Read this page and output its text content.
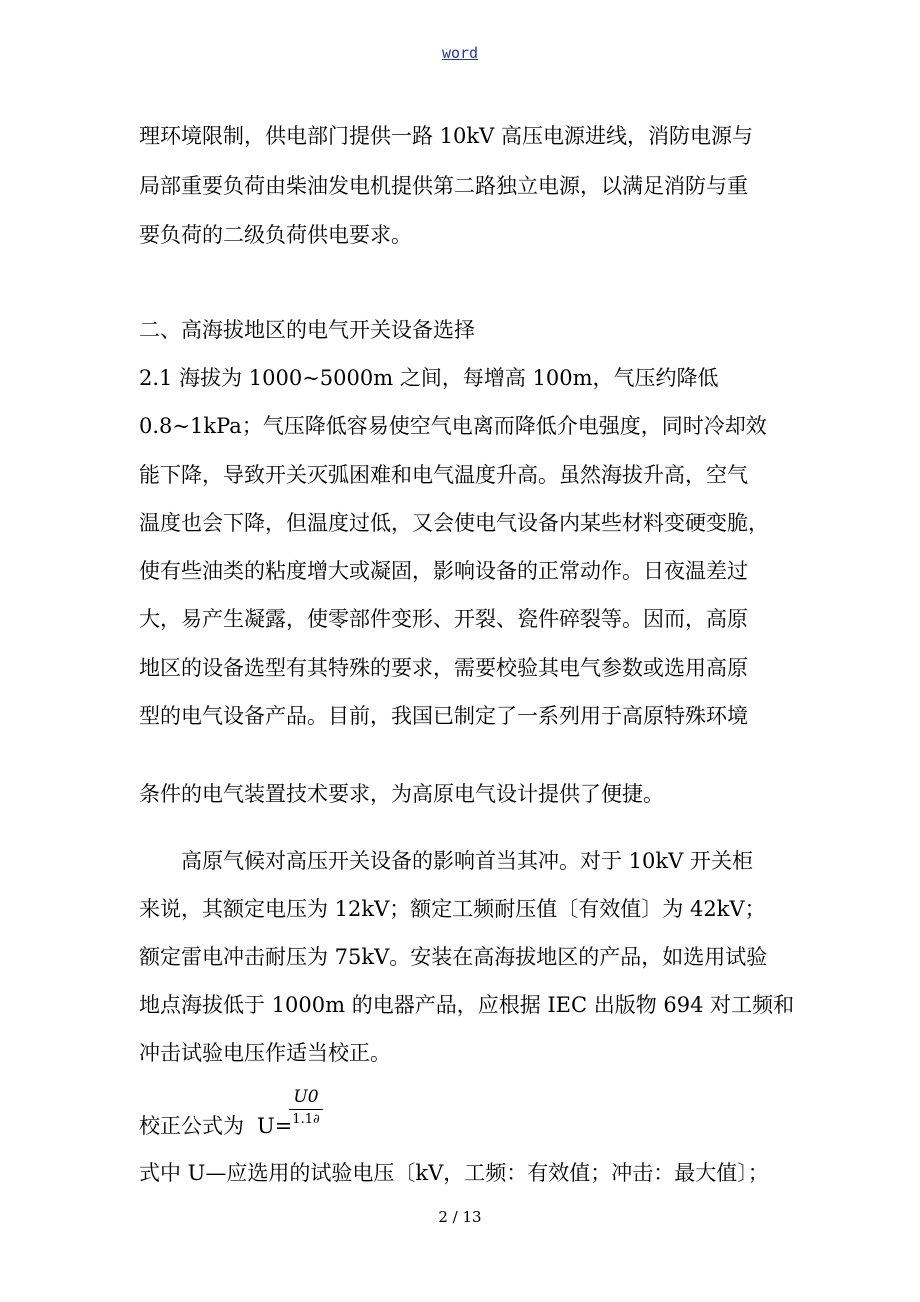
word
理环境限制，供电部门提供一路 10kV 高压电源进线，消防电源与
局部重要负荷由柴油发电机提供第二路独立电源，以满足消防与重
要负荷的二级负荷供电要求。
二、高海拔地区的电气开关设备选择
2.1 海拔为 1000~5000m 之间，每增高 100m，气压约降低
0.8~1kPa；气压降低容易使空气电离而降低介电强度，同时冷却效
能下降，导致开关灭弧困难和电气温度升高。虽然海拔升高，空气
温度也会下降，但温度过低，又会使电气设备内某些材料变硬变脆，
使有些油类的粘度增大或凝固，影响设备的正常动作。日夜温差过
大，易产生凝露，使零部件变形、开裂、瓷件碎裂等。因而，高原
地区的设备选型有其特殊的要求，需要校验其电气参数或选用高原
型的电气设备产品。目前，我国已制定了一系列用于高原特殊环境
条件的电气装置技术要求，为高原电气设计提供了便捷。
高原气候对高压开关设备的影响首当其冲。对于 10kV 开关柜
来说，其额定电压为 12kV；额定工频耐压值〔有效值〕为 42kV；
额定雷电冲击耐压为 75kV。安装在高海拔地区的产品，如选用试验
地点海拔低于 1000m 的电器产品，应根据 IEC 出版物 694 对工频和
冲击试验电压作适当校正。
校正公式为 U=
U0
1.1∂
式中 U—应选用的试验电压〔kV，工频：有效值；冲击：最大值〕；
2 / 13
